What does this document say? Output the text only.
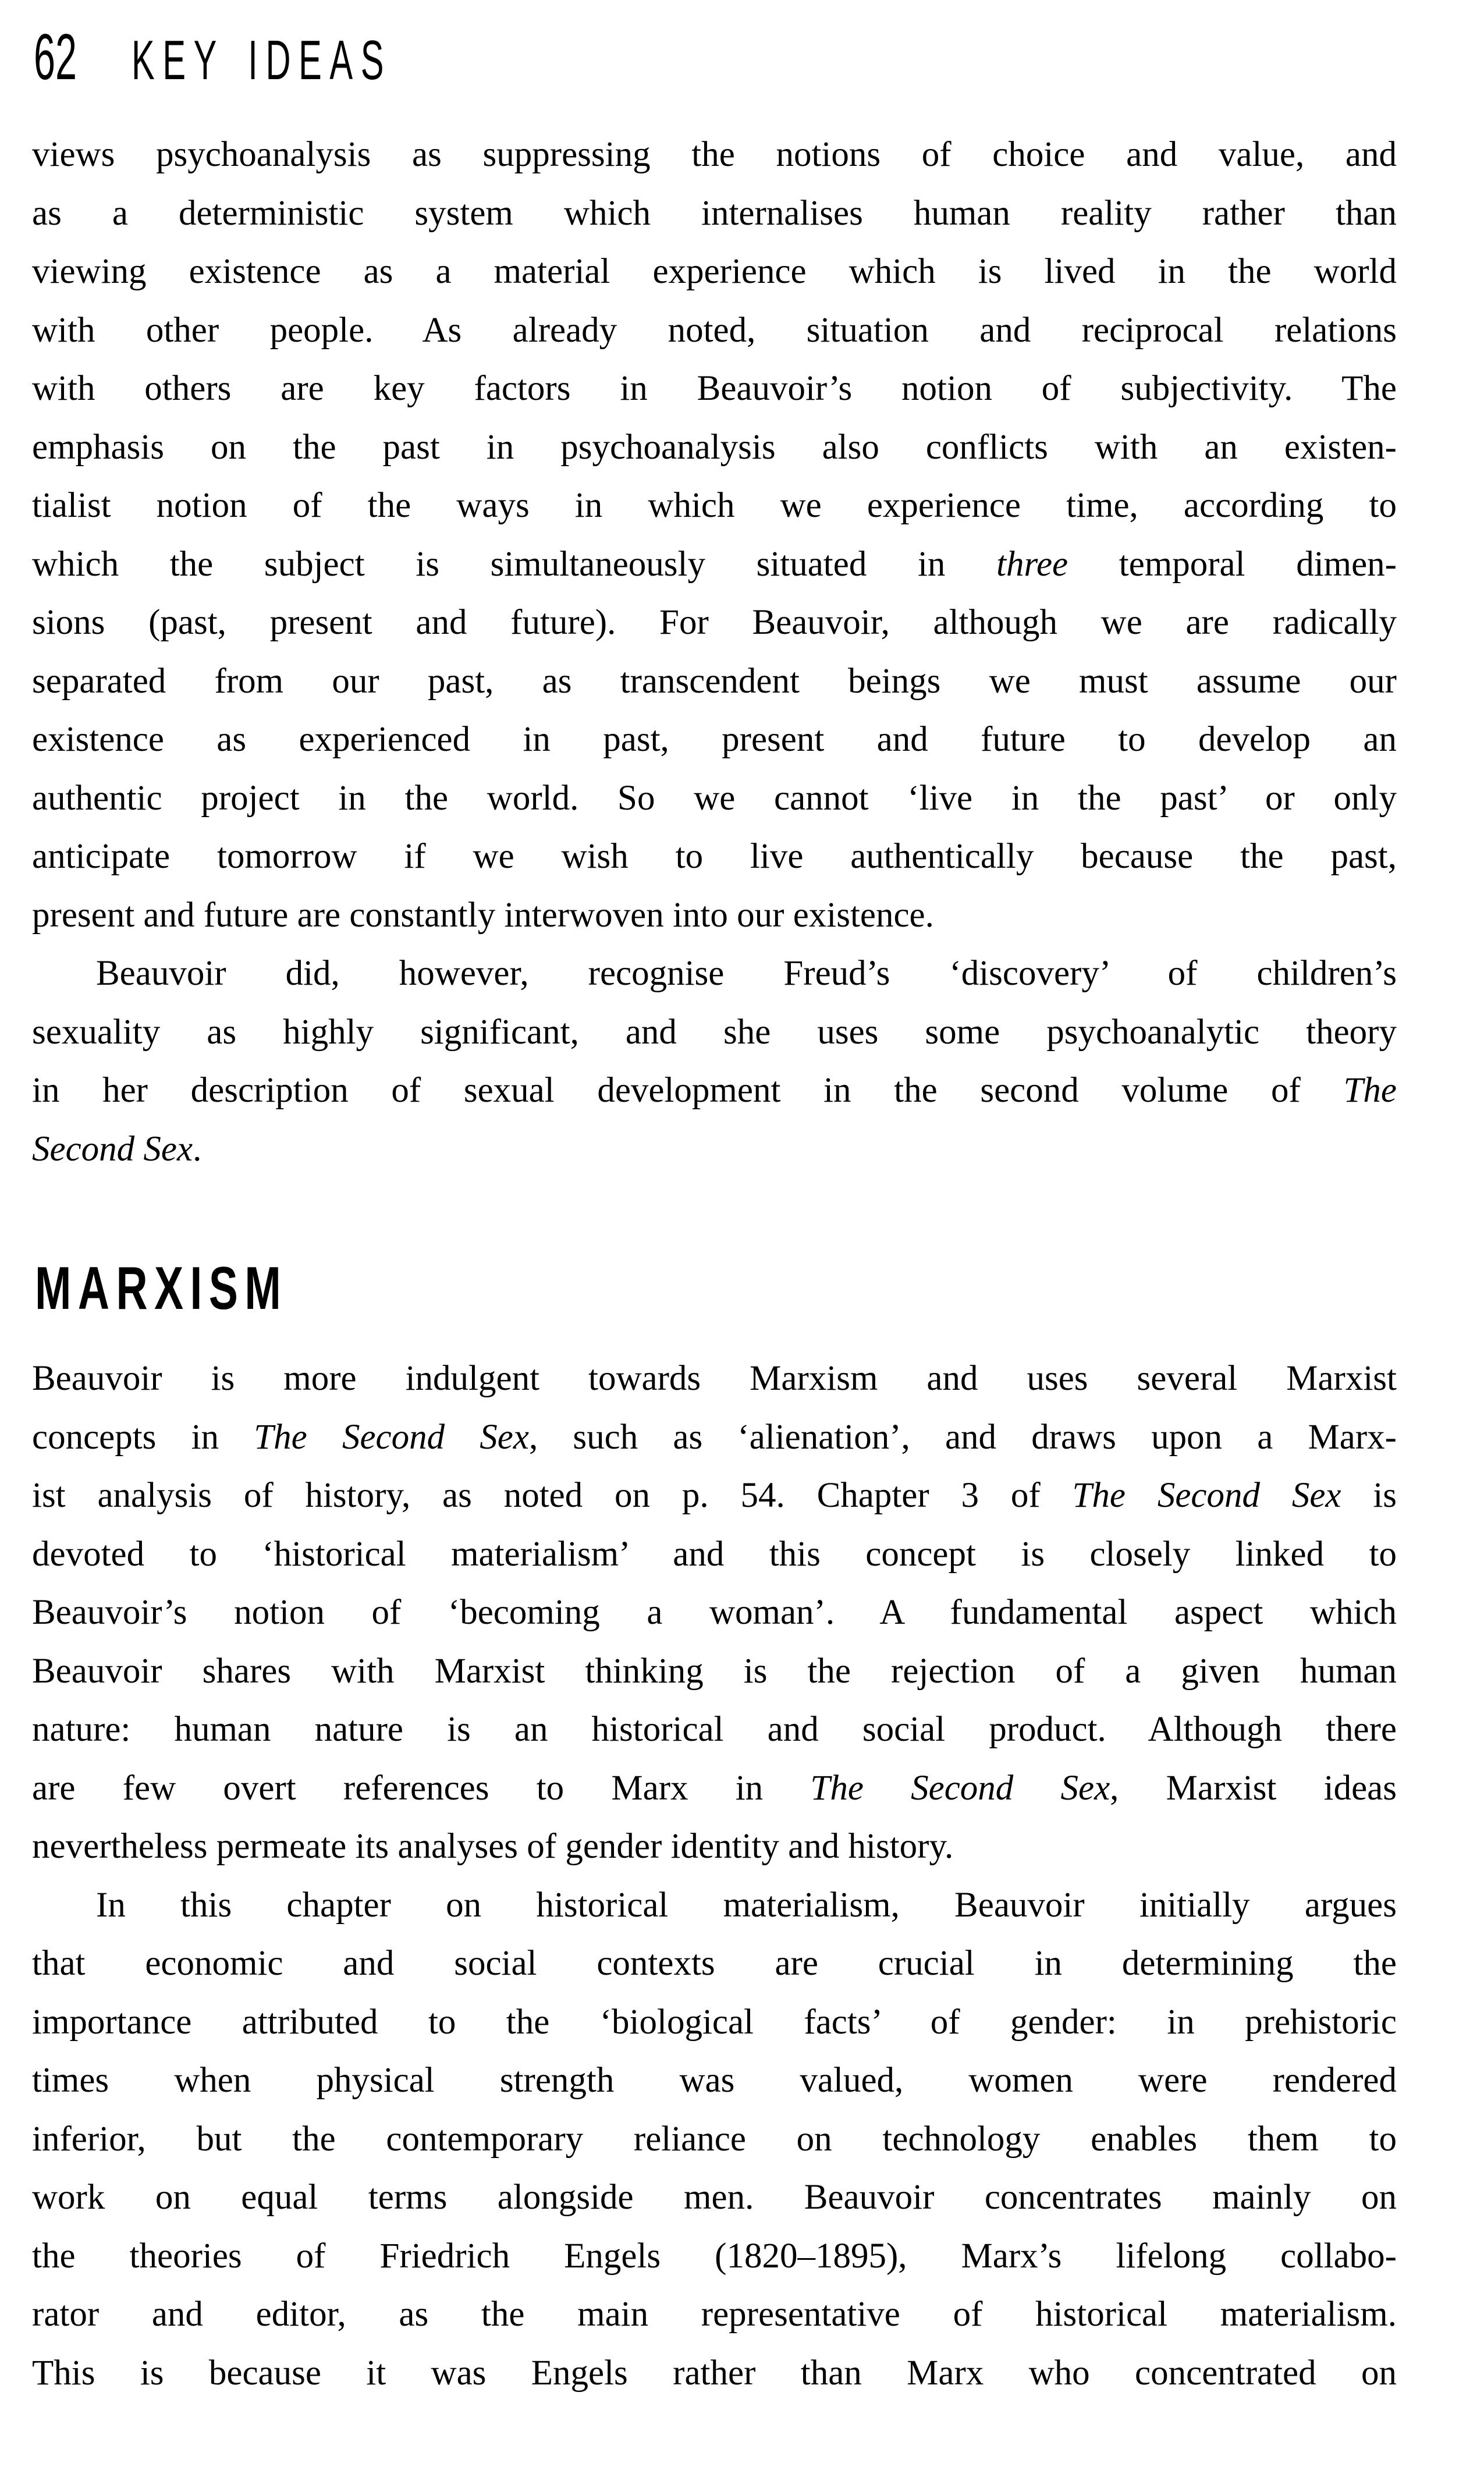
62 KEY IDEAS
views psychoanalysis as suppressing the notions of choice and value, and
as a deterministic system which internalises human reality rather than
viewing existence as a material experience which is lived in the world
with other people. As already noted, situation and reciprocal relations
with others are key factors in Beauvoir’s notion of subjectivity. The
emphasis on the past in psychoanalysis also conflicts with an existen-
tialist notion of the ways in which we experience time, according to
which the subject is simultaneously situated in three temporal dimen-
sions (past, present and future). For Beauvoir, although we are radically
separated from our past, as transcendent beings we must assume our
existence as experienced in past, present and future to develop an
authentic project in the world. So we cannot ‘live in the past’ or only
anticipate tomorrow if we wish to live authentically because the past,
present and future are constantly interwoven into our existence.
Beauvoir did, however, recognise Freud’s ‘discovery’ of children’s
sexuality as highly significant, and she uses some psychoanalytic theory
in her description of sexual development in the second volume of The
Second Sex.
MARXISM
Beauvoir is more indulgent towards Marxism and uses several Marxist
concepts in The Second Sex, such as ‘alienation’, and draws upon a Marx-
ist analysis of history, as noted on p. 54. Chapter 3 of The Second Sex is
devoted to ‘historical materialism’ and this concept is closely linked to
Beauvoir’s notion of ‘becoming a woman’. A fundamental aspect which
Beauvoir shares with Marxist thinking is the rejection of a given human
nature: human nature is an historical and social product. Although there
are few overt references to Marx in The Second Sex, Marxist ideas
nevertheless permeate its analyses of gender identity and history.
In this chapter on historical materialism, Beauvoir initially argues
that economic and social contexts are crucial in determining the
importance attributed to the ‘biological facts’ of gender: in prehistoric
times when physical strength was valued, women were rendered
inferior, but the contemporary reliance on technology enables them to
work on equal terms alongside men. Beauvoir concentrates mainly on
the theories of Friedrich Engels (1820–1895), Marx’s lifelong collabo-
rator and editor, as the main representative of historical materialism.
This is because it was Engels rather than Marx who concentrated on
